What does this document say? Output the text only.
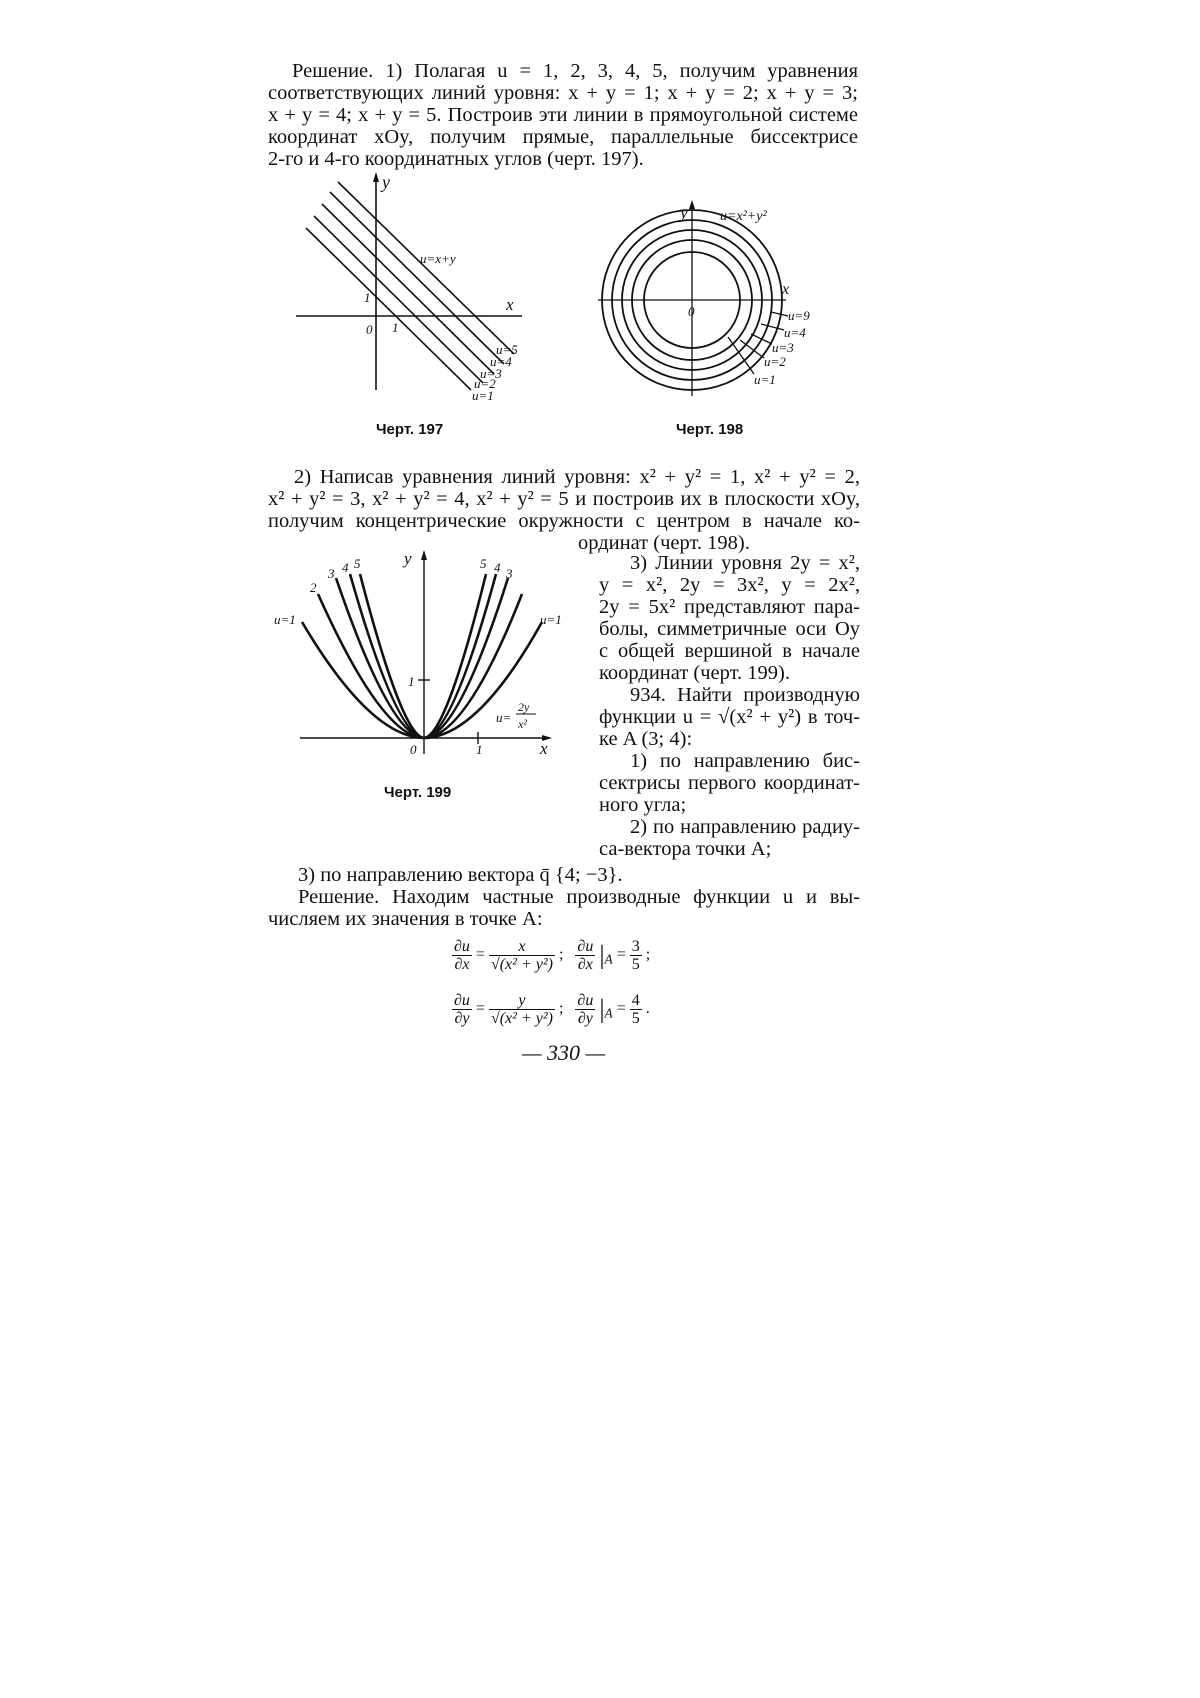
Решение. 1) Полагая u = 1, 2, 3, 4, 5, получим уравнения
соответствующих линий уровня: x + y = 1; x + y = 2; x + y = 3;
x + y = 4; x + y = 5. Построив эти линии в прямоугольной системе
координат xOy, получим прямые, параллельные биссектрисе
2-го и 4-го координатных углов (черт. 197).
y
x
0 1
1
u=x+y
u=1
u=2
u=3
u=4
u=5
Черт. 197
y u=x²+y²
x
0	u=9
u=4
u=3
u=2
u=1
Черт. 198
2) Написав уравнения линий уровня: x² + y² = 1, x² + y² = 2,
x² + y² = 3, x² + y² = 4, x² + y² = 5 и построив их в плоскости xOy,
получим концентрические окружности с центром в начале ко-
ординат (черт. 198).
y
x
0	1
1
u=1
2
3 4 5	5 4 3
u=1
u=
2y
x²
Черт. 199
3) Линии уровня 2y = x²,
y = x², 2y = 3x², y = 2x²,
2y = 5x² представляют пара-
болы, симметричные оси Oy
с общей вершиной в начале
координат (черт. 199).
934. Найти производную
функции u = √(x² + y²) в точ-
ке A (3; 4):
1) по направлению бис-
сектрисы первого координат-
ного угла;
2) по направлению радиу-
са-вектора точки A;
3) по направлению вектора q̄ {4; −3}.
Решение. Находим частные производные функции u и вы-
числяем их значения в точке A:
$\frac{\partial u}{\partial x} = \frac{x}{\text{√(x² + y²)}}$ ; $\frac{\partial u}{\partial x} |_A = \frac{3}{5}$ ;
$\frac{\partial u}{\partial y} = \frac{y}{\text{√(x² + y²)}}$ ; $\frac{\partial u}{\partial y} |_A = \frac{4}{5}$ .
— 330 —
